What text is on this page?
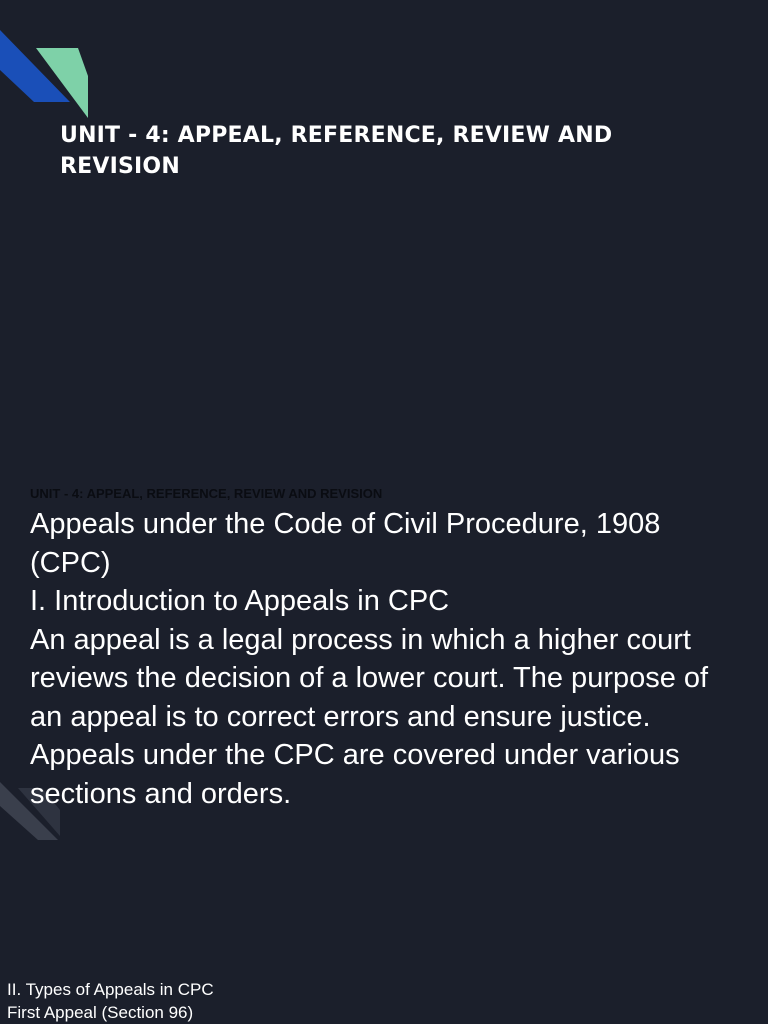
UNIT - 4: APPEAL, REFERENCE, REVIEW AND REVISION
UNIT - 4: APPEAL, REFERENCE, REVIEW AND REVISION

Appeals under the Code of Civil Procedure, 1908 (CPC)

I. Introduction to Appeals in CPC

An appeal is a legal process in which a higher court reviews the decision of a lower court. The purpose of an appeal is to correct errors and ensure justice. Appeals under the CPC are covered under various sections and orders.

II. Types of Appeals in CPC

First Appeal (Section 96)
